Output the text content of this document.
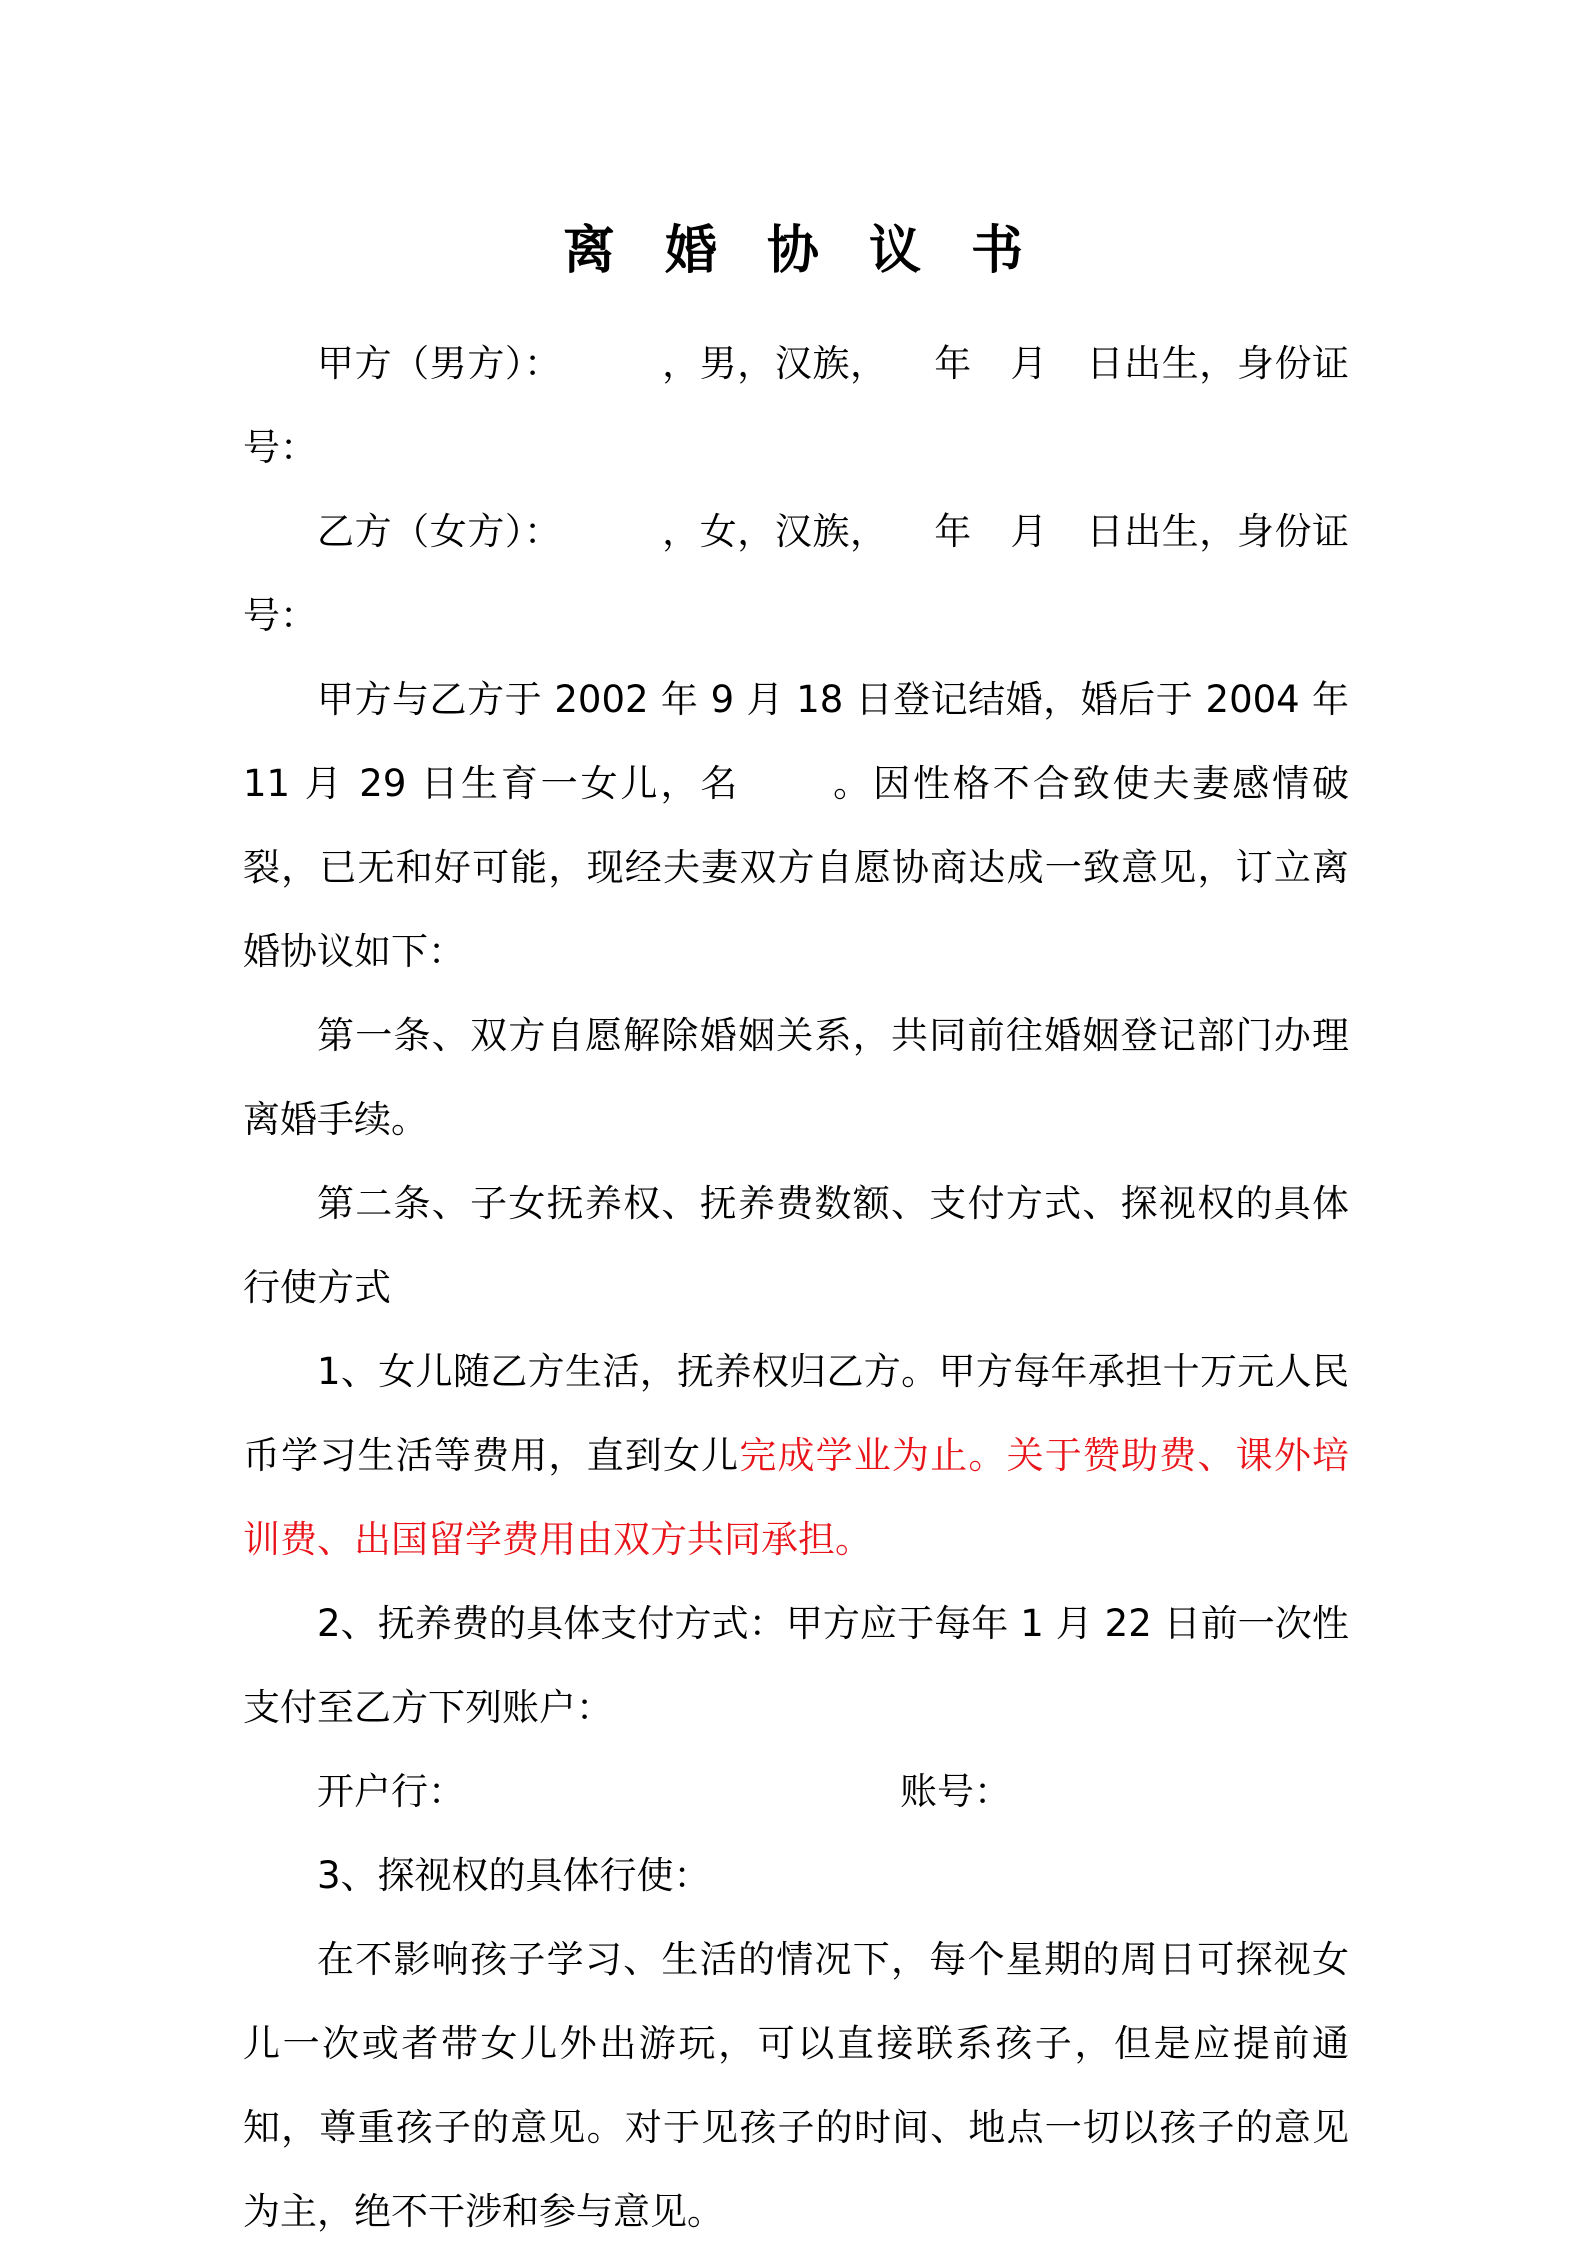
离 婚 协 议 书

甲方（男方）：	，男，汉族， 年 月 日出生，身份证号：

乙方（女方）：	，女，汉族， 年 月 日出生，身份证号：

甲方与乙方于 2002 年 9 月 18 日登记结婚，婚后于 2004 年 11 月 29 日生育一女儿，名 。因性格不合致使夫妻感情破裂，已无和好可能，现经夫妻双方自愿协商达成一致意见，订立离婚协议如下：

第一条、双方自愿解除婚姻关系，共同前往婚姻登记部门办理离婚手续。

第二条、子女抚养权、抚养费数额、支付方式、探视权的具体行使方式

1、女儿随乙方生活，抚养权归乙方。甲方每年承担十万元人民币学习生活等费用，直到女儿完成学业为止。关于赞助费、课外培训费、出国留学费用由双方共同承担。

2、抚养费的具体支付方式：甲方应于每年 1 月 22 日前一次性支付至乙方下列账户：

开户行：	账号：

3、探视权的具体行使：

在不影响孩子学习、生活的情况下，每个星期的周日可探视女儿一次或者带女儿外出游玩，可以直接联系孩子，但是应提前通知，尊重孩子的意见。对于见孩子的时间、地点一切以孩子的意见为主，绝不干涉和参与意见。
